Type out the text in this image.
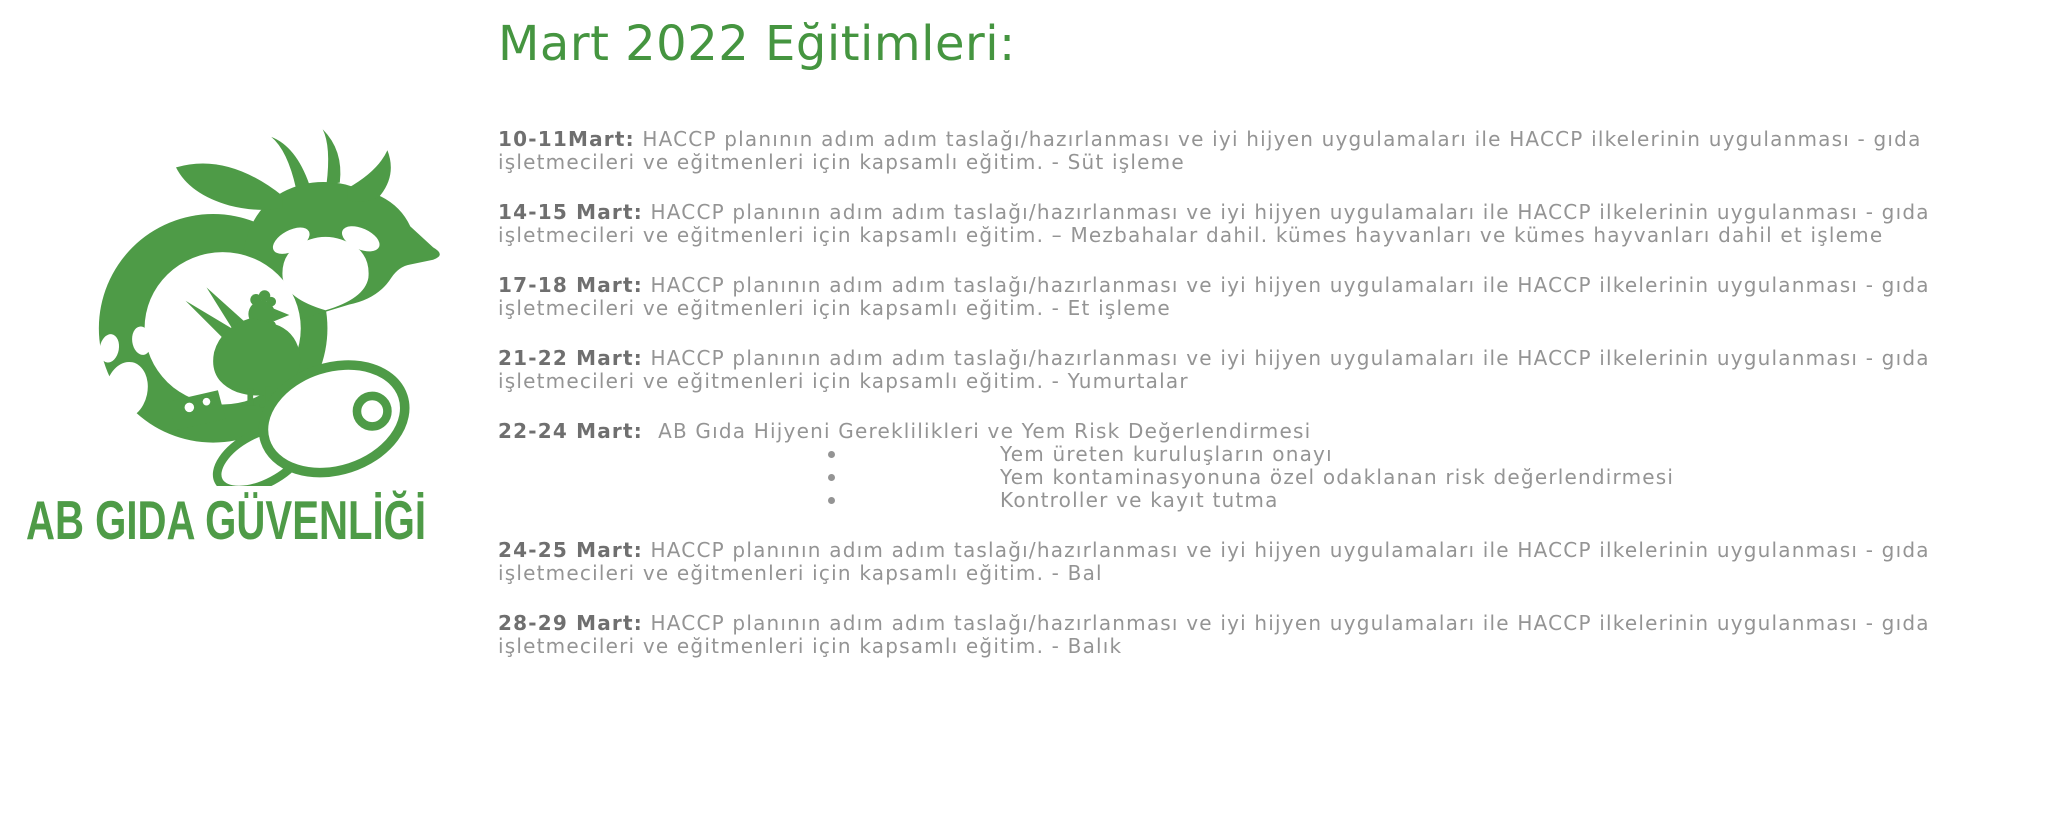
AB GIDA GÜVENLİĞİ
Mart 2022 Eğitimleri:
10-11Mart: HACCP planının adım adım taslağı/hazırlanması ve iyi hijyen uygulamaları ile HACCP ilkelerinin uygulanması - gıda işletmecileri ve eğitmenleri için kapsamlı eğitim. - Süt işleme
14-15 Mart: HACCP planının adım adım taslağı/hazırlanması ve iyi hijyen uygulamaları ile HACCP ilkelerinin uygulanması - gıda işletmecileri ve eğitmenleri için kapsamlı eğitim. – Mezbahalar dahil. kümes hayvanları ve kümes hayvanları dahil et işleme
17-18 Mart: HACCP planının adım adım taslağı/hazırlanması ve iyi hijyen uygulamaları ile HACCP ilkelerinin uygulanması - gıda işletmecileri ve eğitmenleri için kapsamlı eğitim. - Et işleme
21-22 Mart: HACCP planının adım adım taslağı/hazırlanması ve iyi hijyen uygulamaları ile HACCP ilkelerinin uygulanması - gıda işletmecileri ve eğitmenleri için kapsamlı eğitim. - Yumurtalar
22-24 Mart:  AB Gıda Hijyeni Gereklilikleri ve Yem Risk Değerlendirmesi
Yem üreten kuruluşların onayı
Yem kontaminasyonuna özel odaklanan risk değerlendirmesi
Kontroller ve kayıt tutma
24-25 Mart: HACCP planının adım adım taslağı/hazırlanması ve iyi hijyen uygulamaları ile HACCP ilkelerinin uygulanması - gıda işletmecileri ve eğitmenleri için kapsamlı eğitim. - Bal
28-29 Mart: HACCP planının adım adım taslağı/hazırlanması ve iyi hijyen uygulamaları ile HACCP ilkelerinin uygulanması - gıda işletmecileri ve eğitmenleri için kapsamlı eğitim. - Balık
